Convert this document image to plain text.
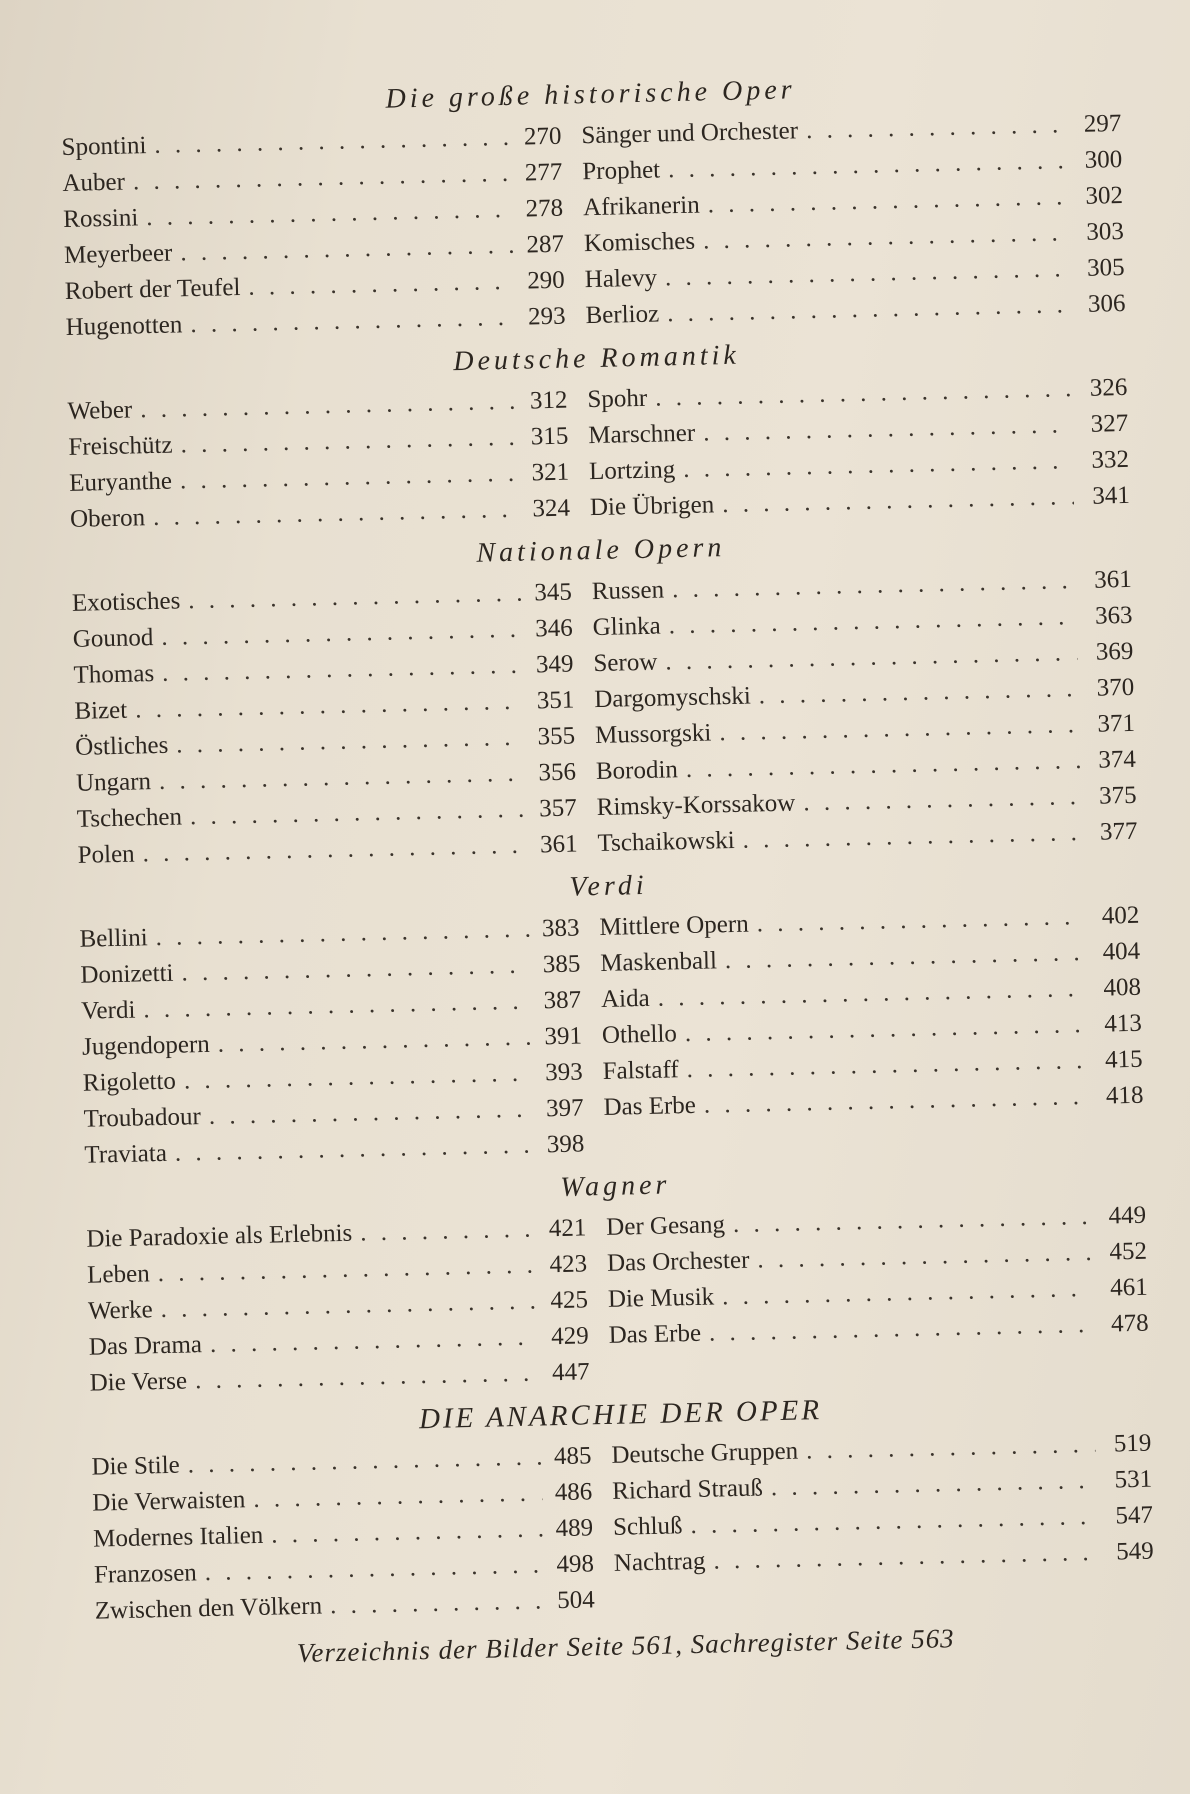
Die große historische Oper
Spontini . . .	270
Auber . . .	277
Rossini . . .	278
Meyerbeer . . .	287
Robert der Teufel . . .	290
Hugenotten . . .	293
Sänger und Orchester . . .	297
Prophet . . .	300
Afrikanerin . . .	302
Komisches . . .	303
Halevy . . .	305
Berlioz . . .	306
Deutsche Romantik
Weber . . .	312
Freischütz . . .	315
Euryanthe . . .	321
Oberon . . .	324
Spohr . . .	326
Marschner . . .	327
Lortzing . . .	332
Die Übrigen . . .	341
Nationale Opern
Exotisches . . .	345
Gounod . . .	346
Thomas . . .	349
Bizet . . .	351
Östliches . . .	355
Ungarn . . .	356
Tschechen . . .	357
Polen . . .	361
Russen . . .	361
Glinka . . .	363
Serow . . .	369
Dargomyschski . . .	370
Mussorgski . . .	371
Borodin . . .	374
Rimsky-Korssakow . . .	375
Tschaikowski . . .	377
Verdi
Bellini . . .	383
Donizetti . . .	385
Verdi . . .	387
Jugendopern . . .	391
Rigoletto . . .	393
Troubadour . . .	397
Traviata . . .	398
Mittlere Opern . . .	402
Maskenball . . .	404
Aida . . .	408
Othello . . .	413
Falstaff . . .	415
Das Erbe . . .	418
Wagner
Die Paradoxie als Erlebnis . . .	421
Leben . . .	423
Werke . . .	425
Das Drama . . .	429
Die Verse . . .	447
Der Gesang . . .	449
Das Orchester . . .	452
Die Musik . . .	461
Das Erbe . . .	478
DIE ANARCHIE DER OPER
Die Stile . . .	485
Die Verwaisten . . .	486
Modernes Italien . . .	489
Franzosen . . .	498
Zwischen den Völkern . . .	504
Deutsche Gruppen . . .	519
Richard Strauß . . .	531
Schluß . . .	547
Nachtrag . . .	549
Verzeichnis der Bilder Seite 561, Sachregister Seite 563
